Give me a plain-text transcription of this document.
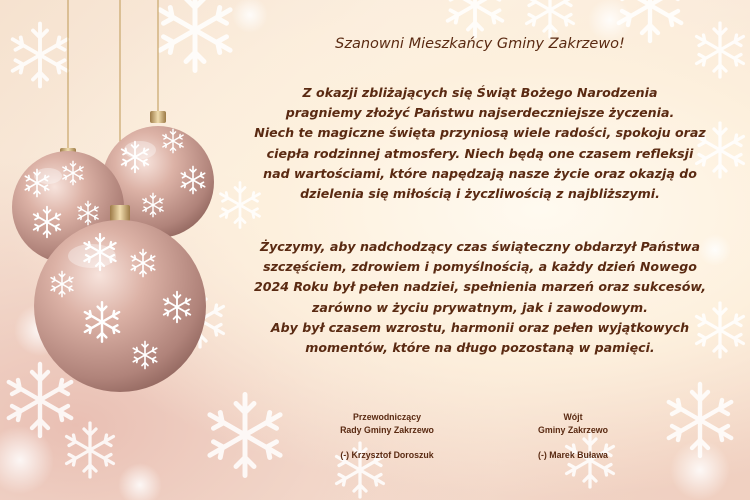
Szanowni Mieszkańcy Gminy Zakrzewo!
Z okazji zbliżających się Świąt Bożego Narodzenia
pragniemy złożyć Państwu najserdeczniejsze życzenia.
Niech te magiczne święta przyniosą wiele radości, spokoju oraz
ciepła rodzinnej atmosfery. Niech będą one czasem refleksji
nad wartościami, które napędzają nasze życie oraz okazją do
dzielenia się miłością i życzliwością z najbliższymi.
Życzymy, aby nadchodzący czas świąteczny obdarzył Państwa
szczęściem, zdrowiem i pomyślnością, a każdy dzień Nowego
2024 Roku był pełen nadziei, spełnienia marzeń oraz sukcesów,
zarówno w życiu prywatnym, jak i zawodowym.
Aby był czasem wzrostu, harmonii oraz pełen wyjątkowych
momentów, które na długo pozostaną w pamięci.
Przewodniczący
Rady Gminy Zakrzewo
(-) Krzysztof Doroszuk
Wójt
Gminy Zakrzewo
(-) Marek Buława
